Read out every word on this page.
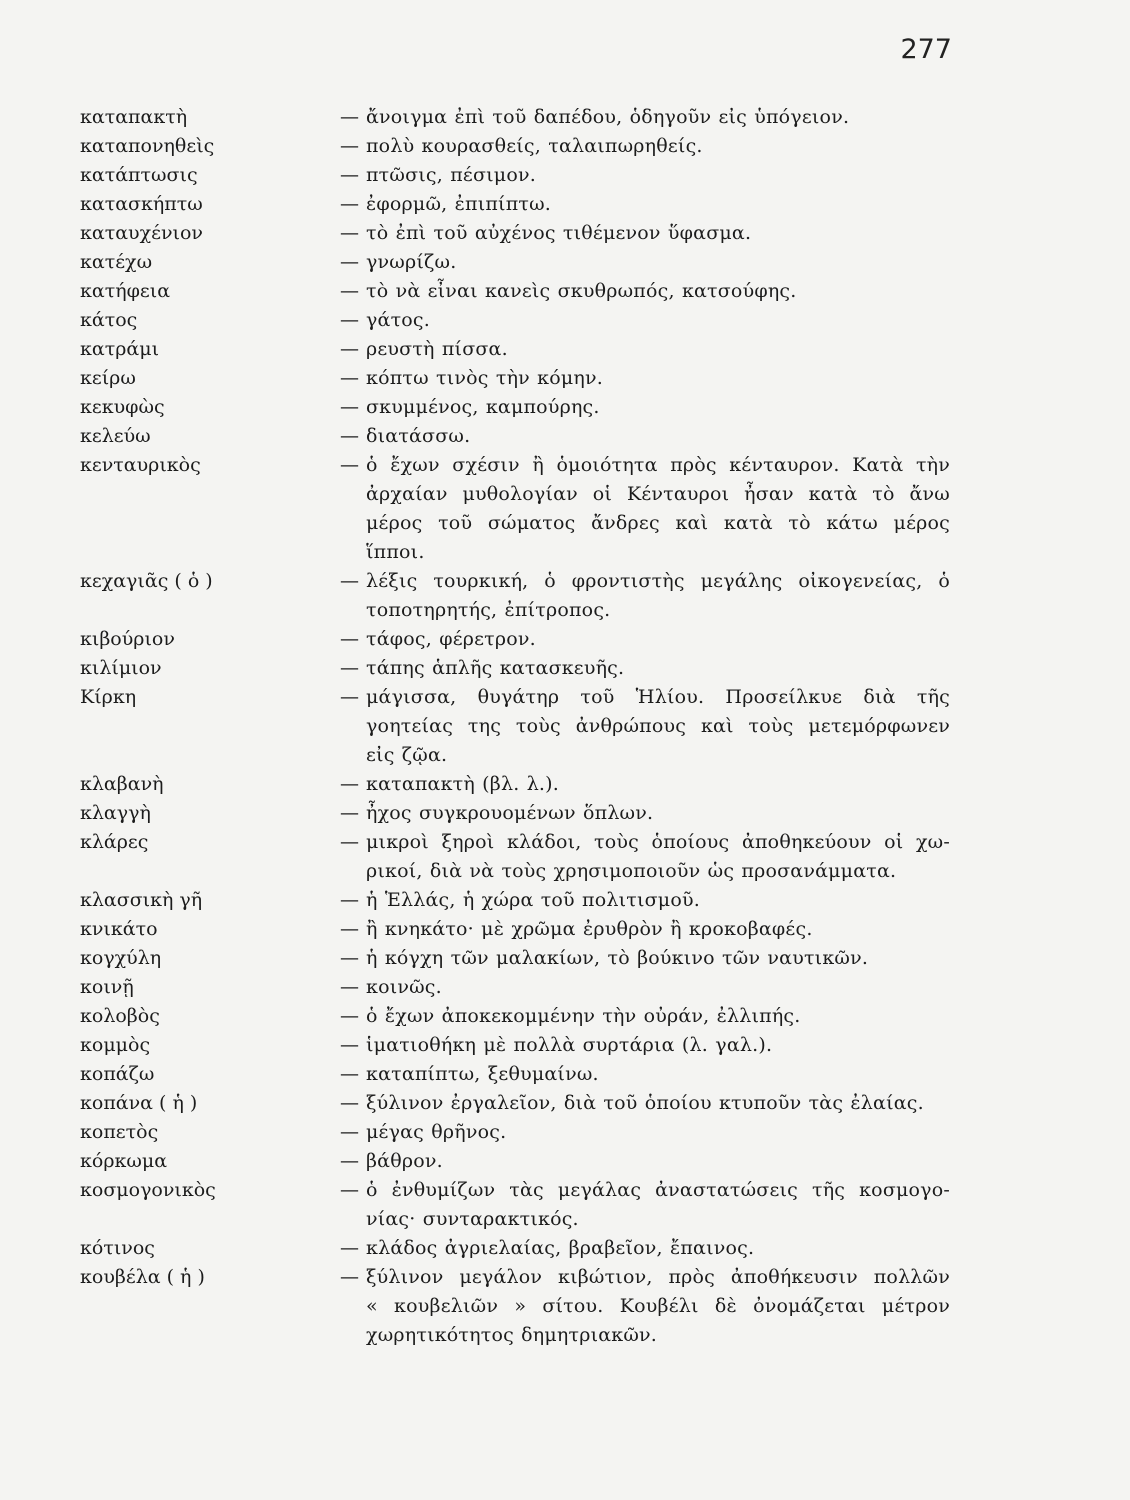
277
καταπακτὴ	— ἄνοιγμα ἐπὶ τοῦ δαπέδου, ὁδηγοῦν εἰς ὑπόγειον.
καταπονηθεὶς	— πολὺ κουρασθείς, ταλαιπωρηθείς.
κατάπτωσις	— πτῶσις, πέσιμον.
κατασκήπτω	— ἐφορμῶ, ἐπιπίπτω.
καταυχένιον	— τὸ ἐπὶ τοῦ αὐχένος τιθέμενον ὕφασμα.
κατέχω	— γνωρίζω.
κατήφεια	— τὸ νὰ εἶναι κανεὶς σκυθρωπός, κατσούφης.
κάτος	— γάτος.
κατράμι	— ρευστὴ πίσσα.
κείρω	— κόπτω τινὸς τὴν κόμην.
κεκυφὼς	— σκυμμένος, καμπούρης.
κελεύω	— διατάσσω.
κενταυρικὸς	— ὁ ἔχων σχέσιν ἢ ὁμοιότητα πρὸς κένταυρον. Κατὰ τὴν
ἀρχαίαν μυθολογίαν οἱ Κένταυροι ἦσαν κατὰ τὸ ἄνω
μέρος τοῦ σώματος ἄνδρες καὶ κατὰ τὸ κάτω μέρος
ἵπποι.
κεχαγιᾶς ( ὁ )	— λέξις τουρκική, ὁ φροντιστὴς μεγάλης οἰκογενείας, ὁ
τοποτηρητής, ἐπίτροπος.
κιβούριον	— τάφος, φέρετρον.
κιλίμιον	— τάπης ἁπλῆς κατασκευῆς.
Κίρκη	— μάγισσα, θυγάτηρ τοῦ Ἡλίου. Προσείλκυε διὰ τῆς
γοητείας της τοὺς ἀνθρώπους καὶ τοὺς μετεμόρφωνεν
εἰς ζῷα.
κλαβανὴ	— καταπακτὴ (βλ. λ.).
κλαγγὴ	— ἦχος συγκρουομένων ὅπλων.
κλάρες	— μικροὶ ξηροὶ κλάδοι, τοὺς ὁποίους ἀποθηκεύουν οἱ χω-
ρικοί, διὰ νὰ τοὺς χρησιμοποιοῦν ὡς προσανάμματα.
κλασσικὴ γῆ	— ἡ Ἑλλάς, ἡ χώρα τοῦ πολιτισμοῦ.
κνικάτο	— ἢ κνηκάτο· μὲ χρῶμα ἐρυθρὸν ἢ κροκοβαφές.
κογχύλη	— ἡ κόγχη τῶν μαλακίων, τὸ βούκινο τῶν ναυτικῶν.
κοινῇ	— κοινῶς.
κολοβὸς	— ὁ ἔχων ἀποκεκομμένην τὴν οὐράν, ἐλλιπής.
κομμὸς	— ἱματιοθήκη μὲ πολλὰ συρτάρια (λ. γαλ.).
κοπάζω	— καταπίπτω, ξεθυμαίνω.
κοπάνα ( ἡ )	— ξύλινον ἐργαλεῖον, διὰ τοῦ ὁποίου κτυποῦν τὰς ἐλαίας.
κοπετὸς	— μέγας θρῆνος.
κόρκωμα	— βάθρον.
κοσμογονικὸς	— ὁ ἐνθυμίζων τὰς μεγάλας ἀναστατώσεις τῆς κοσμογο-
νίας· συνταρακτικός.
κότινος	— κλάδος ἀγριελαίας, βραβεῖον, ἔπαινος.
κουβέλα ( ἡ )	— ξύλινον μεγάλον κιβώτιον, πρὸς ἀποθήκευσιν πολλῶν
« κουβελιῶν » σίτου. Κουβέλι δὲ ὀνομάζεται μέτρον
χωρητικότητος δημητριακῶν.
